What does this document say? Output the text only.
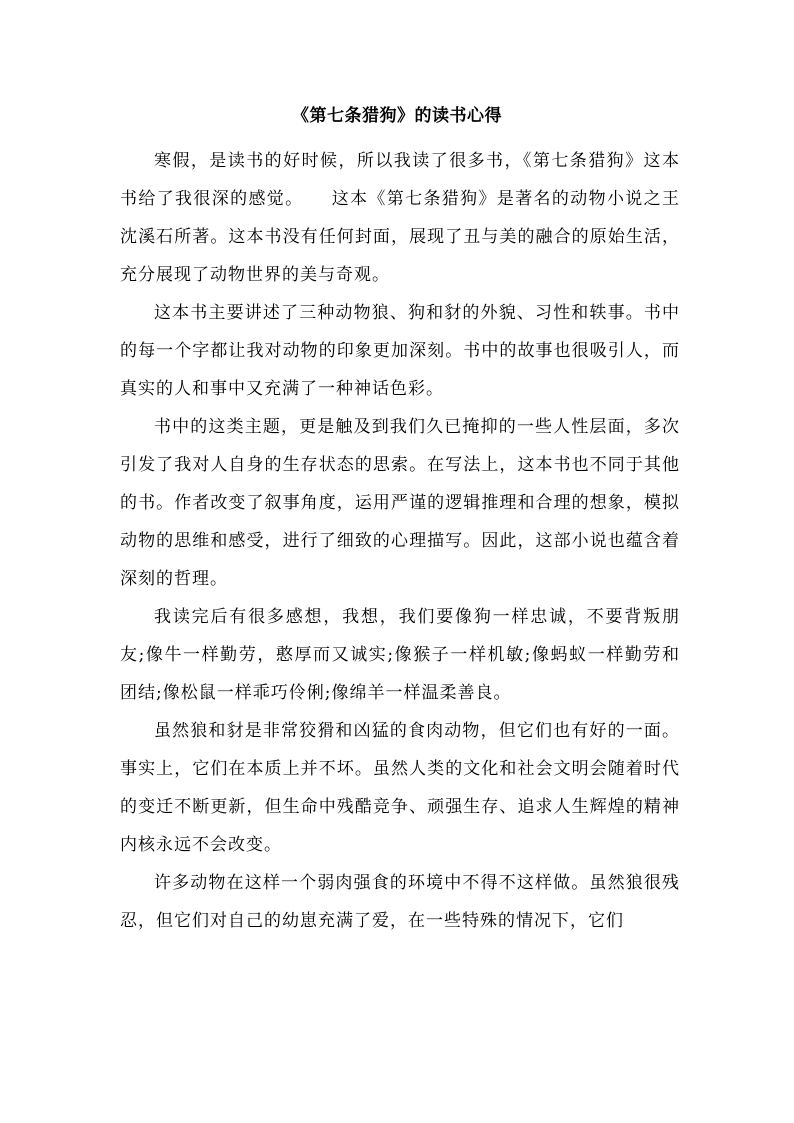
《第七条猎狗》的读书心得

寒假，是读书的好时候，所以我读了很多书，《第七条猎狗》这本书给了我很深的感觉。　　这本《第七条猎狗》是著名的动物小说之王沈溪石所著。这本书没有任何封面，展现了丑与美的融合的原始生活，充分展现了动物世界的美与奇观。

这本书主要讲述了三种动物狼、狗和豺的外貌、习性和轶事。书中的每一个字都让我对动物的印象更加深刻。书中的故事也很吸引人，而真实的人和事中又充满了一种神话色彩。

书中的这类主题，更是触及到我们久已掩抑的一些人性层面，多次引发了我对人自身的生存状态的思索。在写法上，这本书也不同于其他的书。作者改变了叙事角度，运用严谨的逻辑推理和合理的想象，模拟动物的思维和感受，进行了细致的心理描写。因此，这部小说也蕴含着深刻的哲理。

我读完后有很多感想，我想，我们要像狗一样忠诚，不要背叛朋友;像牛一样勤劳，憨厚而又诚实;像猴子一样机敏;像蚂蚁一样勤劳和团结;像松鼠一样乖巧伶俐;像绵羊一样温柔善良。

虽然狼和豺是非常狡猾和凶猛的食肉动物，但它们也有好的一面。事实上，它们在本质上并不坏。虽然人类的文化和社会文明会随着时代的变迁不断更新，但生命中残酷竞争、顽强生存、追求人生辉煌的精神内核永远不会改变。

许多动物在这样一个弱肉强食的环境中不得不这样做。虽然狼很残忍，但它们对自己的幼崽充满了爱，在一些特殊的情况下，它们
